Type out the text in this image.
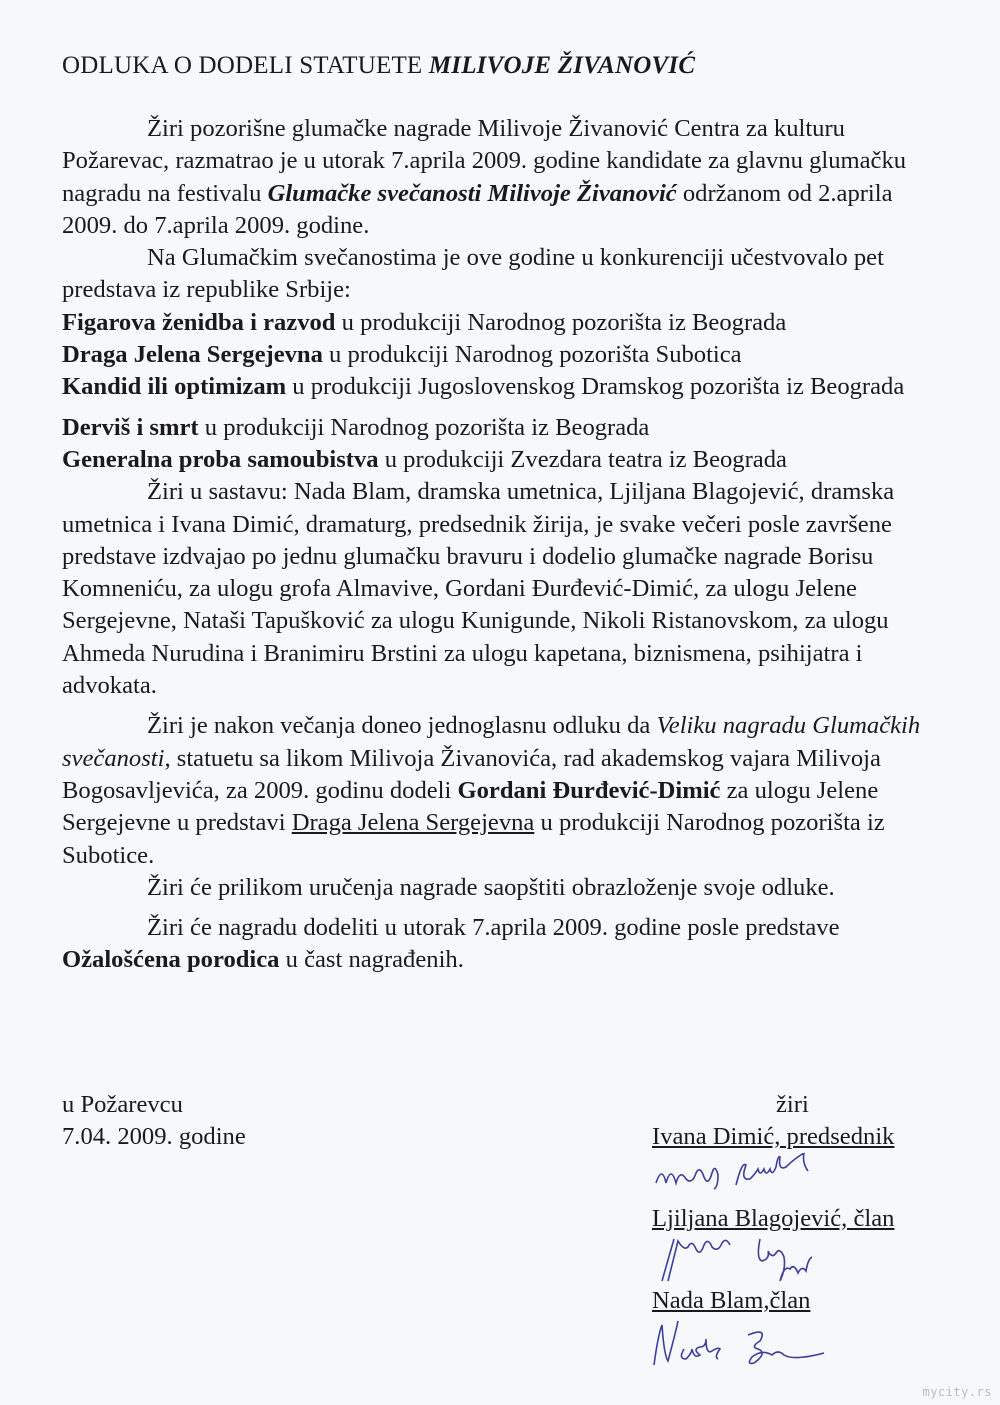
ODLUKA O DODELI STATUETE MILIVOJE ŽIVANOVIĆ

Žiri pozorišne glumačke nagrade Milivoje Živanović Centra za kulturu Požarevac, razmatrao je u utorak 7.aprila 2009. godine kandidate za glavnu glumačku nagradu na festivalu Glumačke svečanosti Milivoje Živanović održanom od 2.aprila 2009. do 7.aprila 2009. godine.

Na Glumačkim svečanostima je ove godine u konkurenciji učestvovalo pet predstava iz republike Srbije:

Figarova ženidba i razvod u produkciji Narodnog pozorišta iz Beograda

Draga Jelena Sergejevna u produkciji Narodnog pozorišta Subotica

Kandid ili optimizam u produkciji Jugoslovenskog Dramskog pozorišta iz Beograda

Derviš i smrt u produkciji Narodnog pozorišta iz Beograda

Generalna proba samoubistva u produkciji Zvezdara teatra iz Beograda

Žiri u sastavu: Nada Blam, dramska umetnica, Ljiljana Blagojević, dramska umetnica i Ivana Dimić, dramaturg, predsednik žirija, je svake večeri posle završene predstave izdvajao po jednu glumačku bravuru i dodelio glumačke nagrade Borisu Komneniću, za ulogu grofa Almavive, Gordani Đurđević-Dimić, za ulogu Jelene Sergejevne, Nataši Tapušković za ulogu Kunigunde, Nikoli Ristanovskom, za ulogu Ahmeda Nurudina i Branimiru Brstini za ulogu kapetana, biznismena, psihijatra i advokata.

Žiri je nakon večanja doneo jednoglasnu odluku da Veliku nagradu Glumačkih svečanosti, statuetu sa likom Milivoja Živanovića, rad akademskog vajara Milivoja Bogosavljevića, za 2009. godinu dodeli Gordani Đurđević-Dimić za ulogu Jelene Sergejevne u predstavi Draga Jelena Sergejevna u produkciji Narodnog pozorišta iz Subotice.

Žiri će prilikom uručenja nagrade saopštiti obrazloženje svoje odluke.

Žiri će nagradu dodeliti u utorak 7.aprila 2009. godine posle predstave Ožalošćena porodica u čast nagrađenih.

u Požarevcu
7.04. 2009. godine
žiri
Ivana Dimić, predsednik
Ljiljana Blagojević, član
Nada Blam,član
mycity.rs
